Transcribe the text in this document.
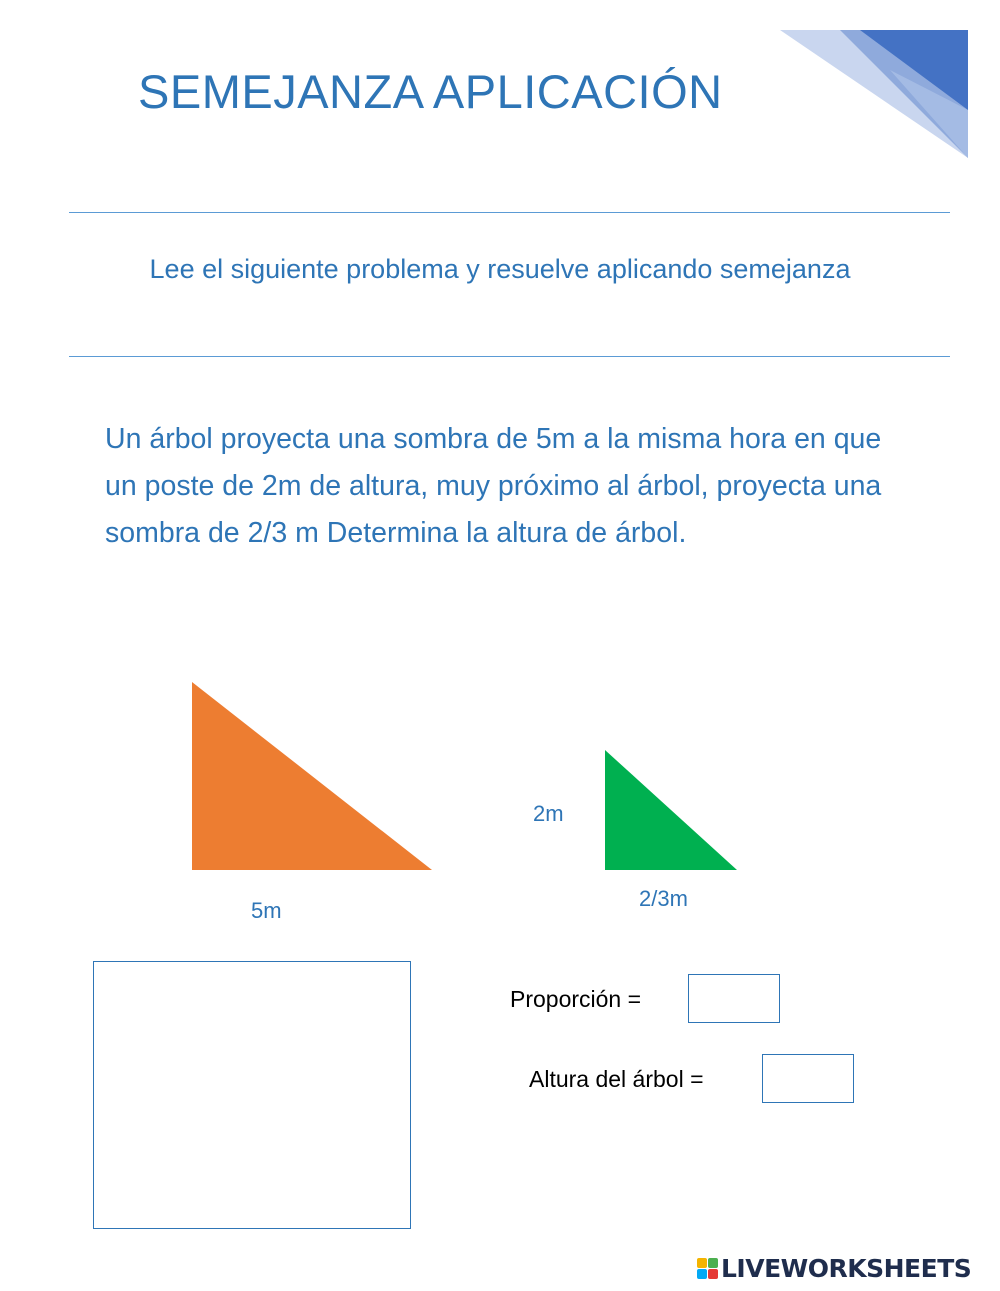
SEMEJANZA APLICACIÓN
Lee el siguiente problema y resuelve aplicando semejanza
Un árbol proyecta una sombra de 5m a la misma hora en que un poste de 2m de altura, muy próximo al árbol, proyecta una sombra de 2/3 m Determina la altura de árbol.
5m
2m
2/3m
Proporción =
Altura del árbol =
LIVEWORKSHEETS
